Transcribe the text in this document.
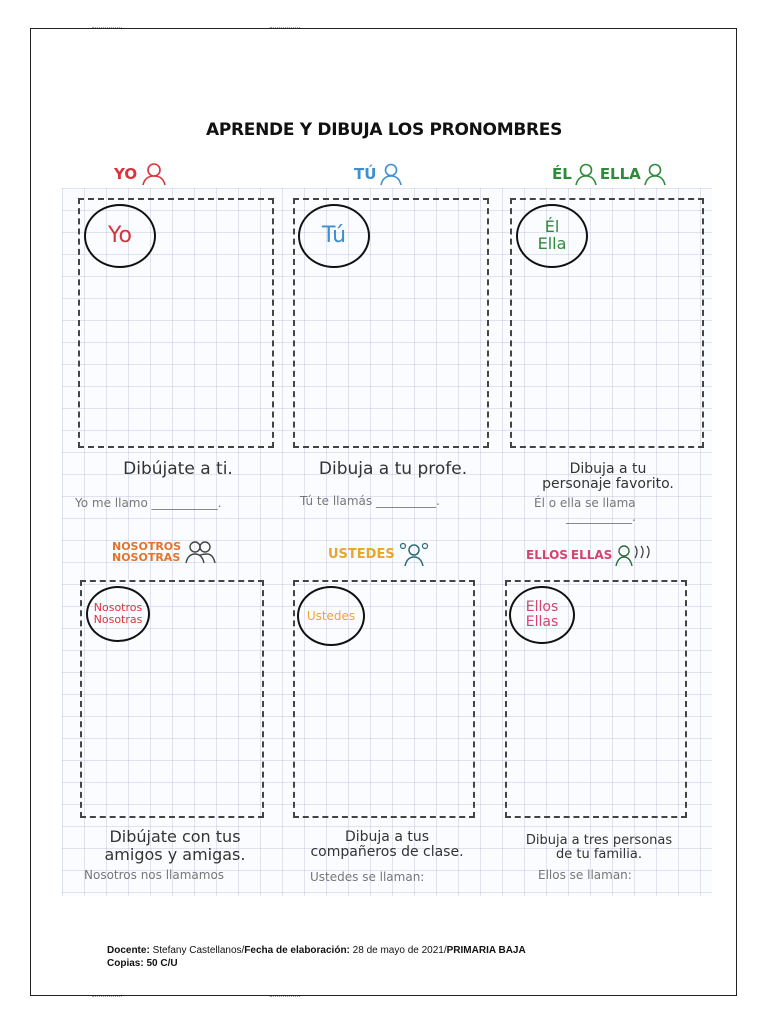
APRENDE Y DIBUJA LOS PRONOMBRES
YO
Yo
Dibújate a ti.
Yo me llamo ___________.
TÚ
Tú
Dibuja a tu profe.
Tú te llamás __________.
ÉL ELLA
Él
Ella
Dibuja a tu
personaje favorito.
Él o ella se llama
___________.
NOSOTROS
NOSOTRAS
Nosotros
Nosotras
Dibújate con tus
amigos y amigas.
Nosotros nos llamamos
USTEDES
Ustedes
Dibuja a tus
compañeros de clase.
Ustedes se llaman:
ELLOS ELLAS
Ellos
Ellas
Dibuja a tres personas
de tu familia.
Ellos se llaman:
Docente: Stefany Castellanos/Fecha de elaboración: 28 de mayo de 2021/PRIMARIA BAJA
Copias: 50 C/U
